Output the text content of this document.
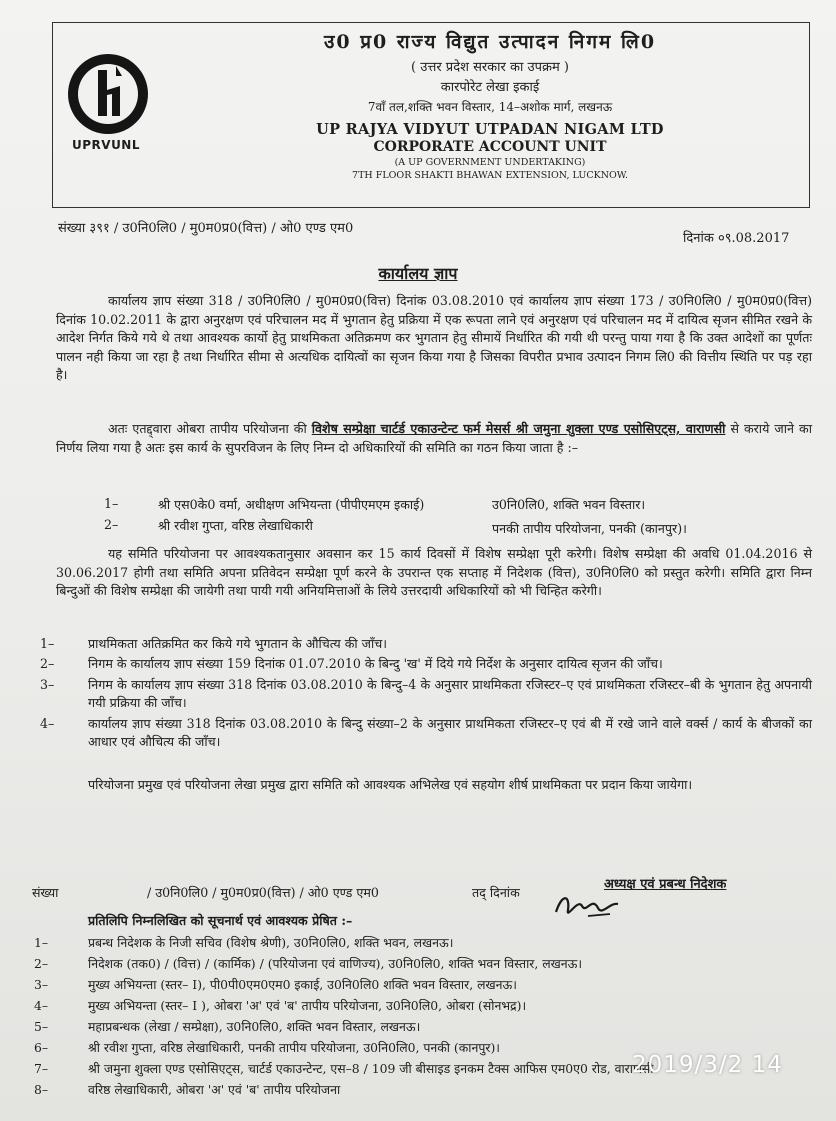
UPRVUNL
उ0 प्र0 राज्य विद्युत उत्पादन निगम लि0
( उत्तर प्रदेश सरकार का उपक्रम )
कारपोरेट लेखा इकाई
7वाँ तल,शक्ति भवन विस्तार, 14–अशोक मार्ग, लखनऊ
UP RAJYA VIDYUT UTPADAN NIGAM LTD
CORPORATE ACCOUNT UNIT
(A UP GOVERNMENT UNDERTAKING)
7TH FLOOR SHAKTI BHAWAN EXTENSION, LUCKNOW.
संख्या ३९१ / उ0नि0लि0 / मु0म0प्र0(वित्त) / ओ0 एण्ड एम0
दिनांक ०९.08.2017
कार्यालय ज्ञाप
कार्यालय ज्ञाप संख्या 318 / उ0नि0लि0 / मु0म0प्र0(वित्त) दिनांक 03.08.2010 एवं कार्यालय ज्ञाप संख्या 173 / उ0नि0लि0 / मु0म0प्र0(वित्त) दिनांक 10.02.2011 के द्वारा अनुरक्षण एवं परिचालन मद में भुगतान हेतु प्रक्रिया में एक रूपता लाने एवं अनुरक्षण एवं परिचालन मद में दायित्व सृजन सीमित रखने के आदेश निर्गत किये गये थे तथा आवश्यक कार्यो हेतु प्राथमिकता अतिक्रमण कर भुगतान हेतु सीमायें निर्धारित की गयी थी परन्तु पाया गया है कि उक्त आदेशों का पूर्णतः पालन नही किया जा रहा है तथा निर्धारित सीमा से अत्यधिक दायित्वों का सृजन किया गया है जिसका विपरीत प्रभाव उत्पादन निगम लि0 की वित्तीय स्थिति पर पड़ रहा है।
अतः एतद्द्वारा ओबरा तापीय परियोजना की विशेष सम्प्रेक्षा चार्टर्ड एकाउन्टेन्ट फर्म मेसर्स श्री जमुना शुक्ला एण्ड एसोसिएट्स, वाराणसी से कराये जाने का निर्णय लिया गया है अतः इस कार्य के सुपरविजन के लिए निम्न दो अधिकारियों की समिति का गठन किया जाता है :–
1–	श्री एस0के0 वर्मा, अधीक्षण अभियन्ता (पीपीएमएम इकाई)	उ0नि0लि0, शक्ति भवन विस्तार।
2–	श्री रवीश गुप्ता, वरिष्ठ लेखाधिकारी	पनकी तापीय परियोजना, पनकी (कानपुर)।
यह समिति परियोजना पर आवश्यकतानुसार अवसान कर 15 कार्य दिवसों में विशेष सम्प्रेक्षा पूरी करेगी। विशेष सम्प्रेक्षा की अवधि 01.04.2016 से 30.06.2017 होगी तथा समिति अपना प्रतिवेदन सम्प्रेक्षा पूर्ण करने के उपरान्त एक सप्ताह में निदेशक (वित्त), उ0नि0लि0 को प्रस्तुत करेगी। समिति द्वारा निम्न बिन्दुओं की विशेष सम्प्रेक्षा की जायेगी तथा पायी गयी अनियमित्ताओं के लिये उत्तरदायी अधिकारियों को भी चिन्हित करेगी।
1–	प्राथमिकता अतिक्रमित कर किये गये भुगतान के औचित्य की जाँच।
2–	निगम के कार्यालय ज्ञाप संख्या 159 दिनांक 01.07.2010 के बिन्दु 'ख' में दिये गये निर्देश के अनुसार दायित्व सृजन की जाँच।
3–	निगम के कार्यालय ज्ञाप संख्या 318 दिनांक 03.08.2010 के बिन्दु–4 के अनुसार प्राथमिकता रजिस्टर–ए एवं प्राथमिकता रजिस्टर–बी के भुगतान हेतु अपनायी गयी प्रक्रिया की जाँच।
4–	कार्यालय ज्ञाप संख्या 318 दिनांक 03.08.2010 के बिन्दु संख्या–2 के अनुसार प्राथमिकता रजिस्टर–ए एवं बी में रखे जाने वाले वर्क्स / कार्य के बीजकों का आधार एवं औचित्य की जाँच।
परियोजना प्रमुख एवं परियोजना लेखा प्रमुख द्वारा समिति को आवश्यक अभिलेख एवं सहयोग शीर्ष प्राथमिकता पर प्रदान किया जायेगा।
अध्यक्ष एवं प्रबन्ध निदेशक
संख्या	/ उ0नि0लि0 / मु0म0प्र0(वित्त) / ओ0 एण्ड एम0	तद् दिनांक
प्रतिलिपि निम्नलिखित को सूचनार्थ एवं आवश्यक प्रेषित :–
1–	प्रबन्ध निदेशक के निजी सचिव (विशेष श्रेणी), उ0नि0लि0, शक्ति भवन, लखनऊ।
2–	निदेशक (तक0) / (वित्त) / (कार्मिक) / (परियोजना एवं वाणिज्य), उ0नि0लि0, शक्ति भवन विस्तार, लखनऊ।
3–	मुख्य अभियन्ता (स्तर– I), पी0पी0एम0एम0 इकाई, उ0नि0लि0 शक्ति भवन विस्तार, लखनऊ।
4–	मुख्य अभियन्ता (स्तर– I ), ओबरा 'अ' एवं 'ब' तापीय परियोजना, उ0नि0लि0, ओबरा (सोनभद्र)।
5–	महाप्रबन्धक (लेखा / सम्प्रेक्षा), उ0नि0लि0, शक्ति भवन विस्तार, लखनऊ।
6–	श्री रवीश गुप्ता, वरिष्ठ लेखाधिकारी, पनकी तापीय परियोजना, उ0नि0लि0, पनकी (कानपुर)।
7–	श्री जमुना शुक्ला एण्ड एसोसिएट्स, चार्टर्ड एकाउन्टेन्ट, एस–8 / 109 जी बीसाइड इनकम टैक्स आफिस एम0ए0 रोड, वाराणसी
8–	वरिष्ठ लेखाधिकारी, ओबरा 'अ' एवं 'ब' तापीय परियोजना
2019/3/2 14
